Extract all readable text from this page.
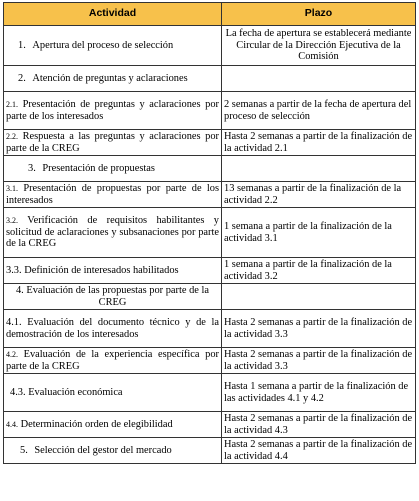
Actividad	Plazo
1. Apertura del proceso de selección	La fecha de apertura se establecerá mediante Circular de la Dirección Ejecutiva de la Comisión
2. Atención de preguntas y aclaraciones	
2.1. Presentación de preguntas y aclaraciones por parte de los interesados	2 semanas a partir de la fecha de apertura del proceso de selección
2.2. Respuesta a las preguntas y aclaraciones por parte de la CREG	Hasta 2 semanas a partir de la finalización de la actividad 2.1
3. Presentación de propuestas	
3.1. Presentación de propuestas por parte de los interesados	13 semanas a partir de la finalización de la actividad 2.2
3.2. Verificación de requisitos habilitantes y solicitud de aclaraciones y subsanaciones por parte de la CREG	1 semana a partir de la finalización de la actividad 3.1
3.3. Definición de interesados habilitados	1 semana a partir de la finalización de la actividad 3.2
4. Evaluación de las propuestas por parte de la CREG	
4.1. Evaluación del documento técnico y de la demostración de los interesados	Hasta 2 semanas a partir de la finalización de la actividad 3.3
4.2. Evaluación de la experiencia específica por parte de la CREG	Hasta 2 semanas a partir de la finalización de la actividad 3.3
4.3. Evaluación económica	Hasta 1 semana a partir de la finalización de las actividades 4.1 y 4.2
4.4. Determinación orden de elegibilidad	Hasta 2 semanas a partir de la finalización de la actividad 4.3
5. Selección del gestor del mercado	Hasta 2 semanas a partir de la finalización de la actividad 4.4
